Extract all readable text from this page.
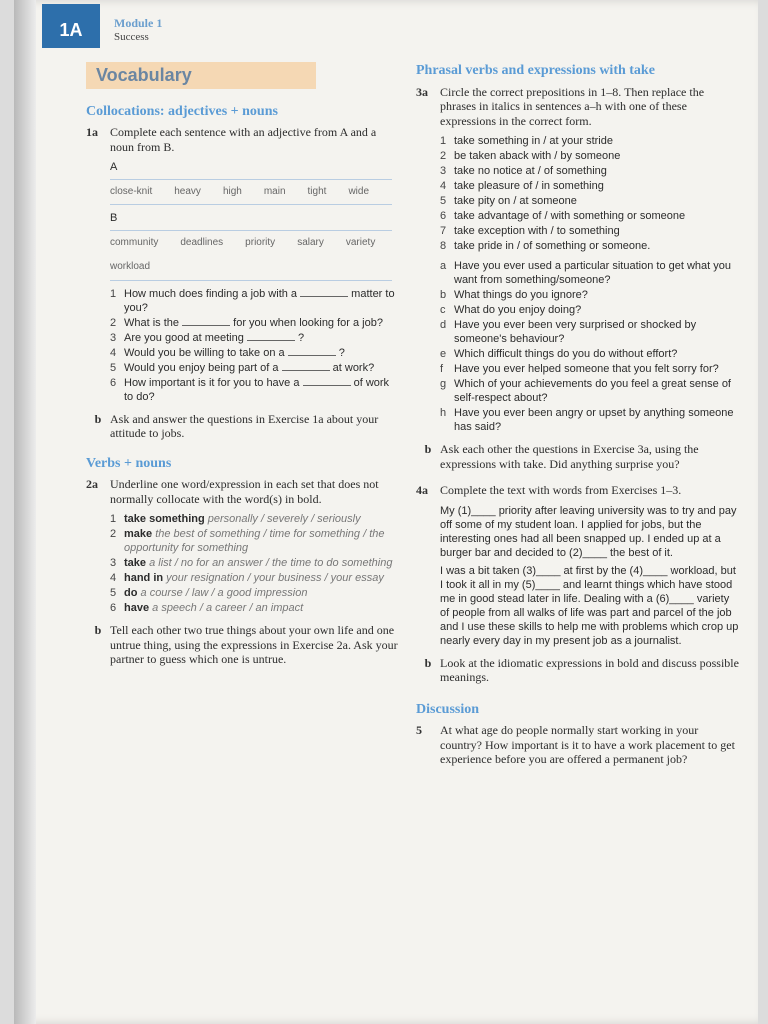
1A	Module 1
Success
Vocabulary
Collocations: adjectives + nouns
1a	Complete each sentence with an adjective from A and a noun from B.
A
close-knit heavy high main tight wide
B
community deadlines priority salary variety
workload
1 How much does finding a job with a	matter to you?
2 What is the	for you when looking for a job?
3 Are you good at meeting	?
4 Would you be willing to take on a	?
5 Would you enjoy being part of a	at work?
6 How important is it for you to have a	of work to do?
b Ask and answer the questions in Exercise 1a about your attitude to jobs.
Verbs + nouns
2a	Underline one word/expression in each set that does not normally collocate with the word(s) in bold.
1 take something personally / severely / seriously
2 make the best of something / time for something / the opportunity for something
3 take a list / no for an answer / the time to do something
4 hand in your resignation / your business / your essay
5 do a course / law / a good impression
6 have a speech / a career / an impact
b Tell each other two true things about your own life and one untrue thing, using the expressions in Exercise 2a. Ask your partner to guess which one is untrue.
Phrasal verbs and expressions with take
3a	Circle the correct prepositions in 1–8. Then replace the phrases in italics in sentences a–h with one of these expressions in the correct form.
1 take something in / at your stride
2 be taken aback with / by someone
3 take no notice at / of something
4 take pleasure of / in something
5 take pity on / at someone
6 take advantage of / with something or someone
7 take exception with / to something
8 take pride in / of something or someone.
a Have you ever used a particular situation to get what you want from something/someone?
b What things do you ignore?
c What do you enjoy doing?
d Have you ever been very surprised or shocked by someone's behaviour?
e Which difficult things do you do without effort?
f Have you ever helped someone that you felt sorry for?
g Which of your achievements do you feel a great sense of self-respect about?
h Have you ever been angry or upset by anything someone has said?
b Ask each other the questions in Exercise 3a, using the expressions with take. Did anything surprise you?
4a	Complete the text with words from Exercises 1–3.

My (1)____ priority after leaving university was to try and pay off some of my student loan. I applied for jobs, but the interesting ones had all been snapped up. I ended up at a burger bar and decided to (2)____ the best of it.

I was a bit taken (3)____ at first by the (4)____ workload, but I took it all in my (5)____ and learnt things which have stood me in good stead later in life. Dealing with a (6)____ variety of people from all walks of life was part and parcel of the job and I use these skills to help me with problems which crop up nearly every day in my present job as a journalist.

b Look at the idiomatic expressions in bold and discuss possible meanings.
Discussion
5	At what age do people normally start working in your country? How important is it to have a work placement to get experience before you are offered a permanent job?
